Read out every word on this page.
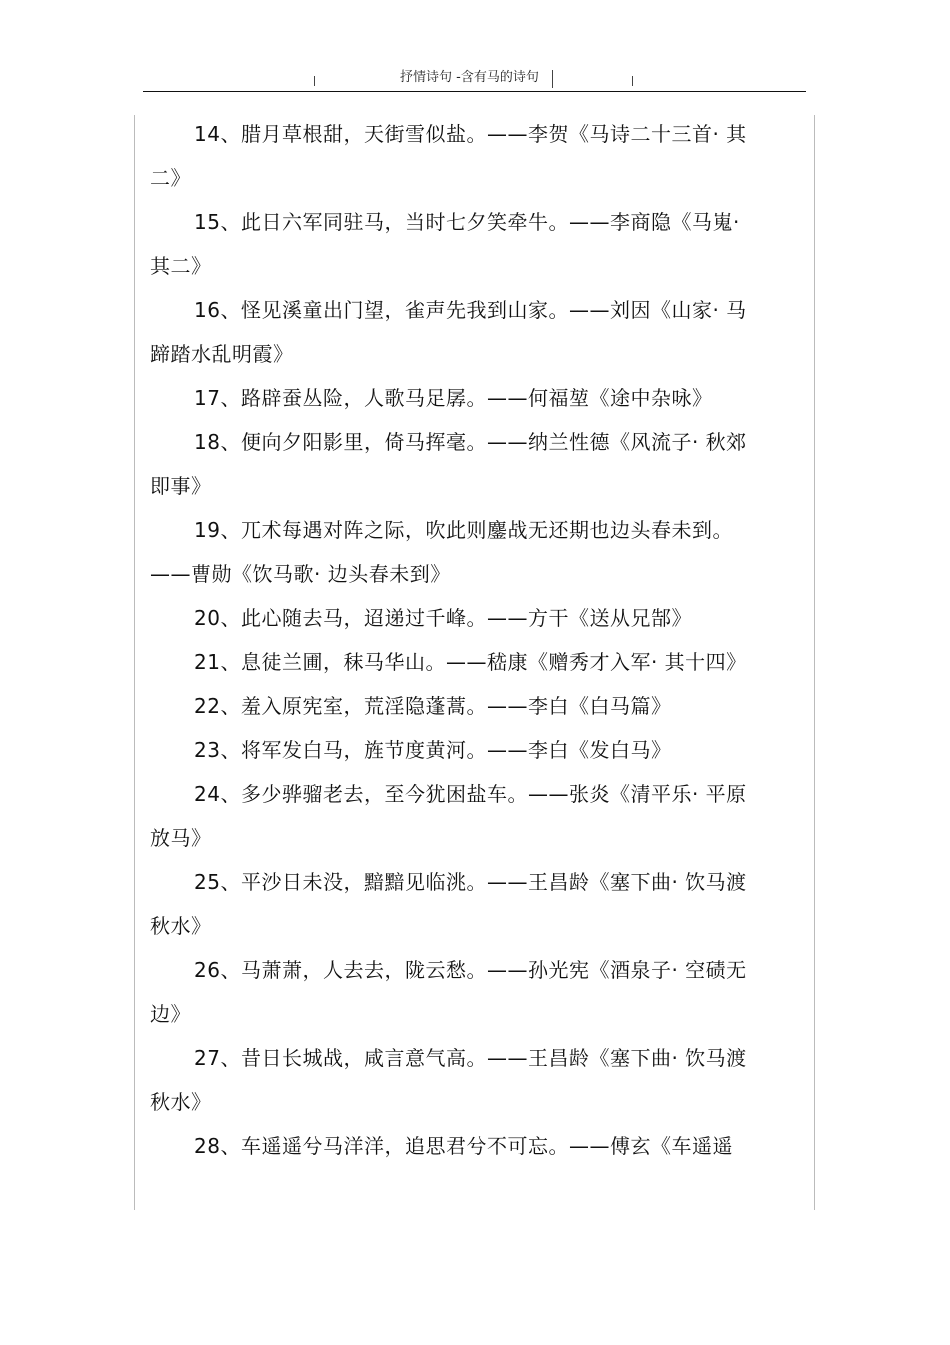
抒情诗句 -含有马的诗句

14、腊月草根甜，天街雪似盐。——李贺《马诗二十三首· 其二》

15、此日六军同驻马，当时七夕笑牵牛。——李商隐《马嵬· 其二》

16、怪见溪童出门望，雀声先我到山家。——刘因《山家· 马蹄踏水乱明霞》

17、路辟蚕丛险，人歌马足孱。——何福堃《途中杂咏》

18、便向夕阳影里，倚马挥毫。——纳兰性德《风流子· 秋郊即事》

19、兀术每遇对阵之际，吹此则鏖战无还期也边头春未到。——曹勋《饮马歌· 边头春未到》

20、此心随去马，迢递过千峰。——方干《送从兄郜》

21、息徒兰圃，秣马华山。——嵇康《赠秀才入军· 其十四》

22、羞入原宪室，荒淫隐蓬蒿。——李白《白马篇》

23、将军发白马，旌节度黄河。——李白《发白马》

24、多少骅骝老去，至今犹困盐车。——张炎《清平乐· 平原放马》

25、平沙日未没，黯黯见临洮。——王昌龄《塞下曲· 饮马渡秋水》

26、马萧萧，人去去，陇云愁。——孙光宪《酒泉子· 空碛无边》

27、昔日长城战，咸言意气高。——王昌龄《塞下曲· 饮马渡秋水》

28、车遥遥兮马洋洋，追思君兮不可忘。——傅玄《车遥遥
